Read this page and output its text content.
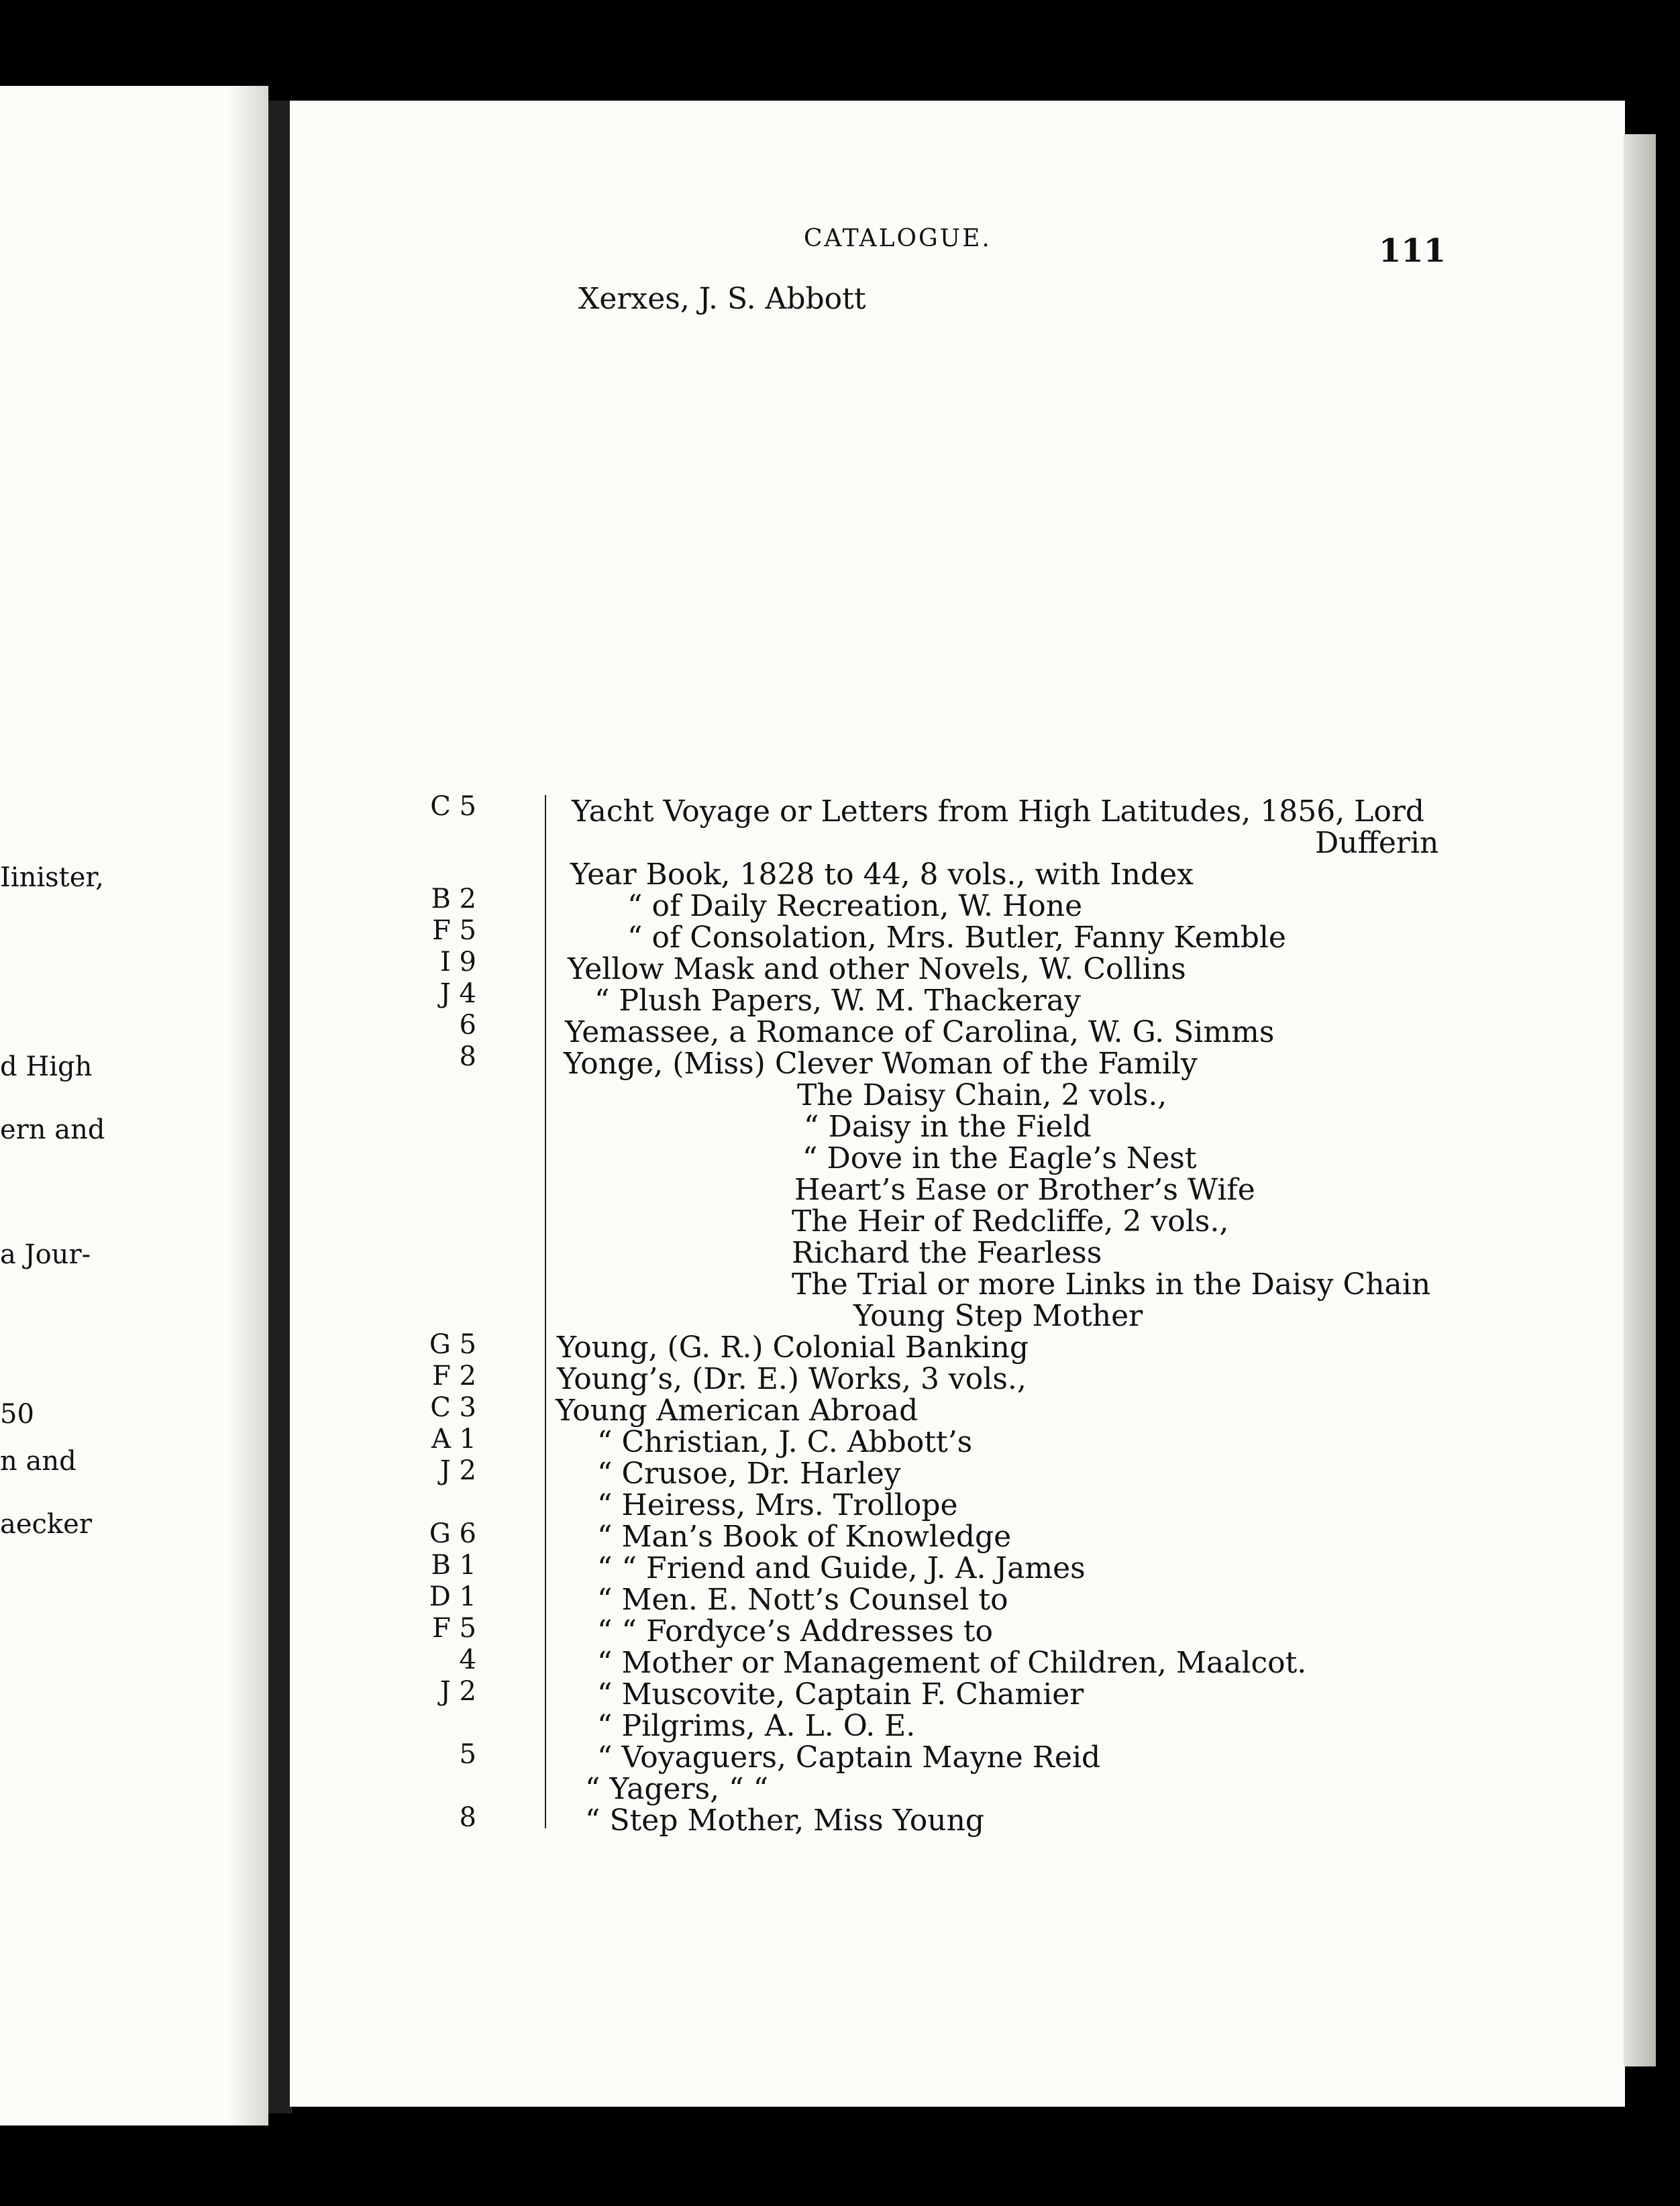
Iinister,
d High
ern and
a Jour-
50
n and
aecker
CATALOGUE.	111
Xerxes, J. S. Abbott
C 5
B 2
F 5
I 9
J 4
6
8
G 5
F 2
C 3
A 1
J 2
G 6
B 1
D 1
F 5
4
J 2
5
8
Yacht Voyage or Letters from High Latitudes, 1856, Lord
Dufferin
Year Book, 1828 to 44, 8 vols., with Index
“ of Daily Recreation, W. Hone
“ of Consolation, Mrs. Butler, Fanny Kemble
Yellow Mask and other Novels, W. Collins
“ Plush Papers, W. M. Thackeray
Yemassee, a Romance of Carolina, W. G. Simms
Yonge, (Miss) Clever Woman of the Family
The Daisy Chain, 2 vols.,
“ Daisy in the Field
“ Dove in the Eagle’s Nest
Heart’s Ease or Brother’s Wife
The Heir of Redcliffe, 2 vols.,
Richard the Fearless
The Trial or more Links in the Daisy Chain
Young Step Mother
Young, (G. R.) Colonial Banking
Young’s, (Dr. E.) Works, 3 vols.,
Young American Abroad
“ Christian, J. C. Abbott’s
“ Crusoe, Dr. Harley
“ Heiress, Mrs. Trollope
“ Man’s Book of Knowledge
“ “ Friend and Guide, J. A. James
“ Men. E. Nott’s Counsel to
“ “ Fordyce’s Addresses to
“ Mother or Management of Children, Maalcot.
“ Muscovite, Captain F. Chamier
“ Pilgrims, A. L. O. E.
“ Voyaguers, Captain Mayne Reid
“ Yagers, “ “
“ Step Mother, Miss Young
